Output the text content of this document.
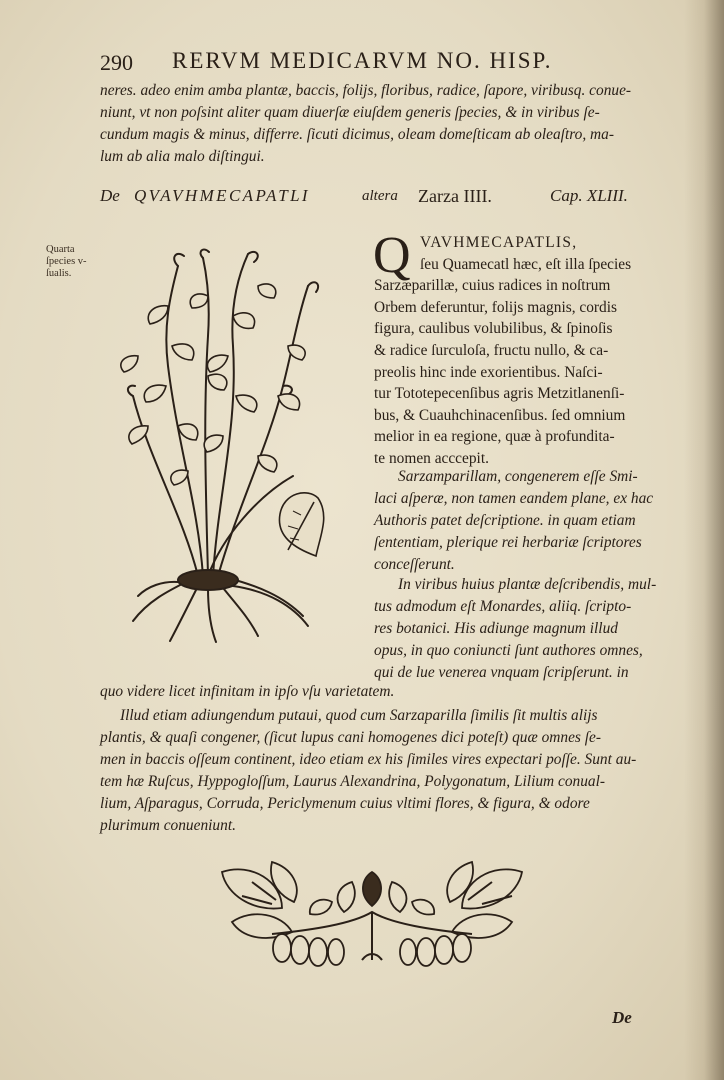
290 RERVM MEDICARVM NO. HISP.
neres. adeo enim amba plantæ, baccis, folijs, floribus, radice, ſapore, viribusq. conue-
niunt, vt non poſsint aliter quam diuerſæ eiuſdem generis ſpecies, & in viribus ſe-
cundum magis & minus, differre. ſicuti dicimus, oleam domeſticam ab oleaſtro, ma-
lum ab alia malo diſtingui.
De QVAVHMECAPATLI	altera Zarza IIII.	Cap. XLIII.
Quarta
ſpecies v-
ſualis.	Q VAVHMECAPATLIS,
ſeu Quamecatl hæc, eſt illa ſpecies
Sarzæparillæ, cuius radices in noſtrum
Orbem deferuntur, folijs magnis, cordis
figura, caulibus volubilibus, & ſpinoſis
& radice ſurculoſa, fructu nullo, & ca-
preolis hinc inde exorientibus. Naſci-
tur Tototepecenſibus agris Metzitlanenſi-
bus, & Cuauhchinacenſibus. ſed omnium
melior in ea regione, quæ à profundita-
te nomen acccepit.
Sarzamparillam, congenerem eſſe Smi-
laci aſperæ, non tamen eandem plane, ex hac
Authoris patet deſcriptione. in quam etiam
ſententiam, plerique rei herbariæ ſcriptores
conceſſerunt.
In viribus huius plantæ deſcribendis, mul-
tus admodum eſt Monardes, aliiq. ſcripto-
res botanici. His adiunge magnum illud
opus, in quo coniuncti ſunt authores omnes,
qui de lue venerea vnquam ſcripſerunt. in
quo videre licet infinitam in ipſo vſu varietatem.
Illud etiam adiungendum putaui, quod cum Sarzaparilla ſimilis ſit multis alijs
plantis, & quaſi congener, (ſicut lupus cani homogenes dici poteſt) quæ omnes ſe-
men in baccis oſſeum continent, ideo etiam ex his ſimiles vires expectari poſſe. Sunt au-
tem hæ Ruſcus, Hyppogloſſum, Laurus Alexandrina, Polygonatum, Lilium conual-
lium, Aſparagus, Corruda, Periclymenum cuius vltimi flores, & figura, & odore
plurimum conueniunt.
De
